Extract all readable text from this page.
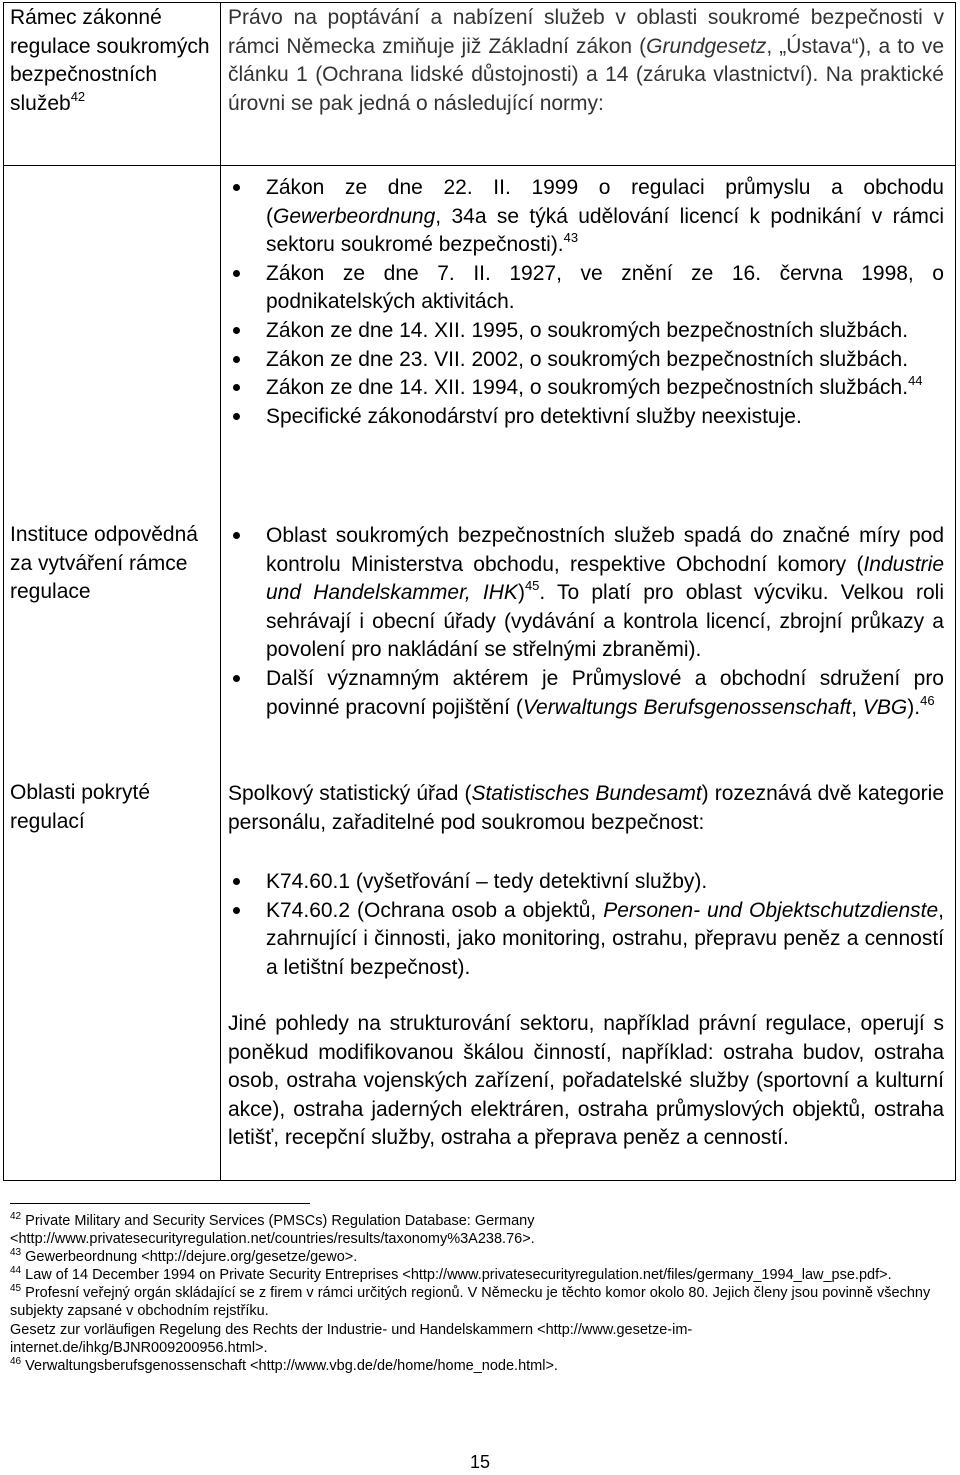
Rámec zákonné regulace soukromých bezpečnostních služeb$^{42}$
Instituce odpovědná za vytváření rámce regulace
Oblasti pokryté regulací
Právo na poptávání a nabízení služeb v oblasti soukromé bezpečnosti v rámci Německa zmiňuje již Základní zákon (Grundgesetz, „Ústava“), a to ve článku 1 (Ochrana lidské důstojnosti) a 14 (záruka vlastnictví). Na praktické úrovni se pak jedná o následující normy:
Zákon ze dne 22. II. 1999 o regulaci průmyslu a obchodu (Gewerbeordnung, 34a se týká udělování licencí k podnikání v rámci sektoru soukromé bezpečnosti).$^{43}$
Zákon ze dne 7. II. 1927, ve znění ze 16. června 1998, o podnikatelských aktivitách.
Zákon ze dne 14. XII. 1995, o soukromých bezpečnostních službách.
Zákon ze dne 23. VII. 2002, o soukromých bezpečnostních službách.
Zákon ze dne 14. XII. 1994, o soukromých bezpečnostních službách.$^{44}$
Specifické zákonodárství pro detektivní služby neexistuje.
Oblast soukromých bezpečnostních služeb spadá do značné míry pod kontrolu Ministerstva obchodu, respektive Obchodní komory (Industrie und Handelskammer, IHK)$^{45}$. To platí pro oblast výcviku. Velkou roli sehrávají i obecní úřady (vydávání a kontrola licencí, zbrojní průkazy a povolení pro nakládání se střelnými zbraněmi).
Další významným aktérem je Průmyslové a obchodní sdružení pro povinné pracovní pojištění (Verwaltungs Berufsgenossenschaft, VBG).$^{46}$
Spolkový statistický úřad (Statistisches Bundesamt) rozeznává dvě kategorie personálu, zařaditelné pod soukromou bezpečnost:
K74.60.1 (vyšetřování – tedy detektivní služby).
K74.60.2 (Ochrana osob a objektů, Personen- und Objektschutzdienste, zahrnující i činnosti, jako monitoring, ostrahu, přepravu peněz a cenností a letištní bezpečnost).
Jiné pohledy na strukturování sektoru, například právní regulace, operují s poněkud modifikovanou škálou činností, například: ostraha budov, ostraha osob, ostraha vojenských zařízení, pořadatelské služby (sportovní a kulturní akce), ostraha jaderných elektráren, ostraha průmyslových objektů, ostraha letišť, recepční služby, ostraha a přeprava peněz a cenností.

$^{42}$ Private Military and Security Services (PMSCs) Regulation Database: Germany <http://www.privatesecurityregulation.net/countries/results/taxonomy%3A238.76>.

$^{43}$ Gewerbeordnung <http://dejure.org/gesetze/gewo>.

$^{44}$ Law of 14 December 1994 on Private Security Entreprises <http://www.privatesecurityregulation.net/files/germany_1994_law_pse.pdf>.

$^{45}$ Profesní veřejný orgán skládající se z firem v rámci určitých regionů. V Německu je těchto komor okolo 80. Jejich členy jsou povinně všechny subjekty zapsané v obchodním rejstříku.

Gesetz zur vorläufigen Regelung des Rechts der Industrie- und Handelskammern <http://www.gesetze-im-internet.de/ihkg/BJNR009200956.html>.

$^{46}$ Verwaltungsberufsgenossenschaft <http://www.vbg.de/de/home/home_node.html>.

15
